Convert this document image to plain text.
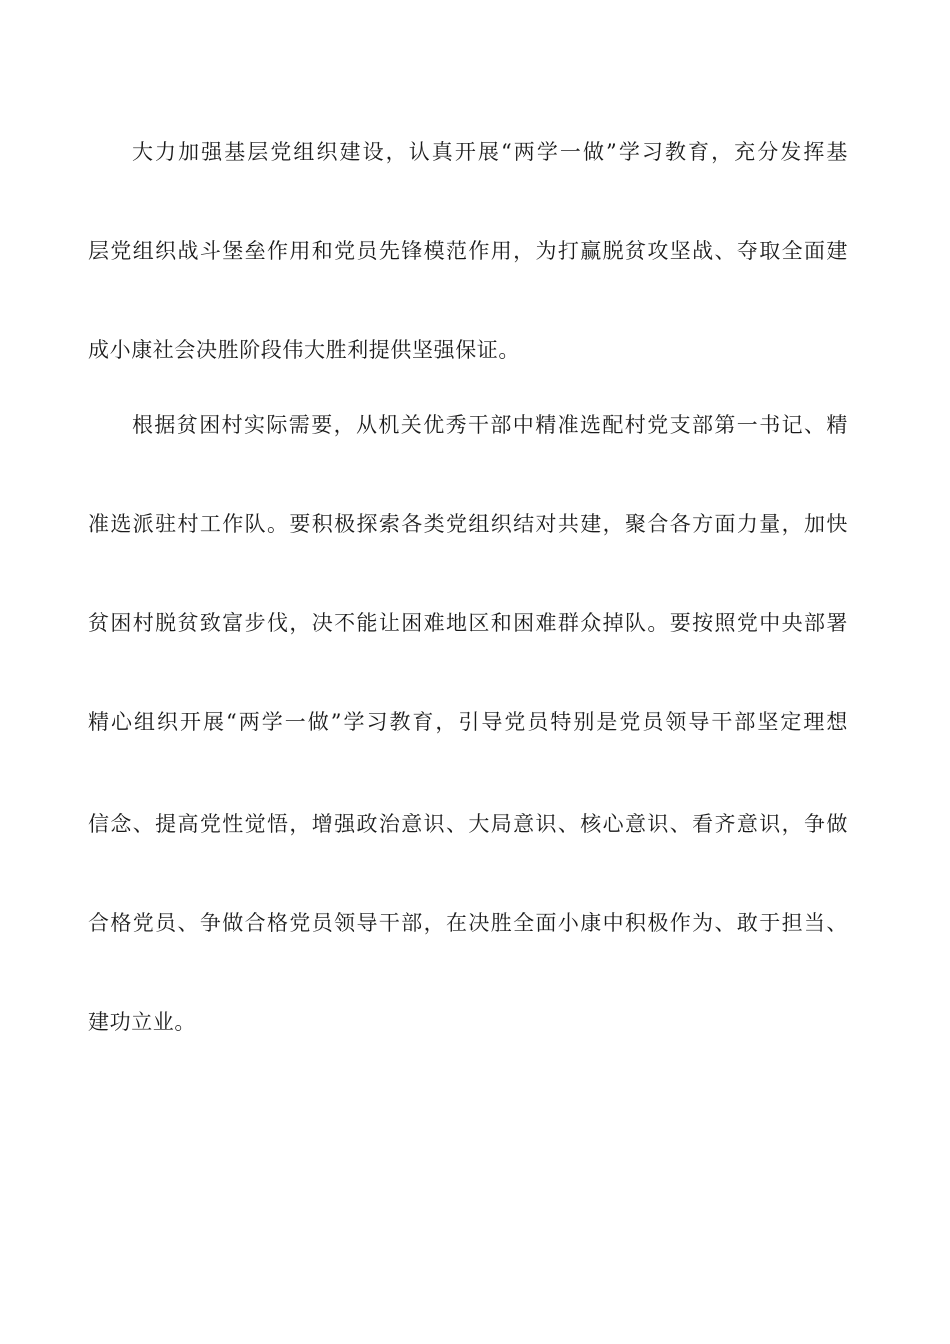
大力加强基层党组织建设，认真开展“两学一做”学习教育，充分发挥基
层党组织战斗堡垒作用和党员先锋模范作用，为打赢脱贫攻坚战、夺取全面建
成小康社会决胜阶段伟大胜利提供坚强保证。
根据贫困村实际需要，从机关优秀干部中精准选配村党支部第一书记、精
准选派驻村工作队。要积极探索各类党组织结对共建，聚合各方面力量，加快
贫困村脱贫致富步伐，决不能让困难地区和困难群众掉队。要按照党中央部署
精心组织开展“两学一做”学习教育，引导党员特别是党员领导干部坚定理想
信念、提高党性觉悟，增强政治意识、大局意识、核心意识、看齐意识，争做
合格党员、争做合格党员领导干部，在决胜全面小康中积极作为、敢于担当、
建功立业。
